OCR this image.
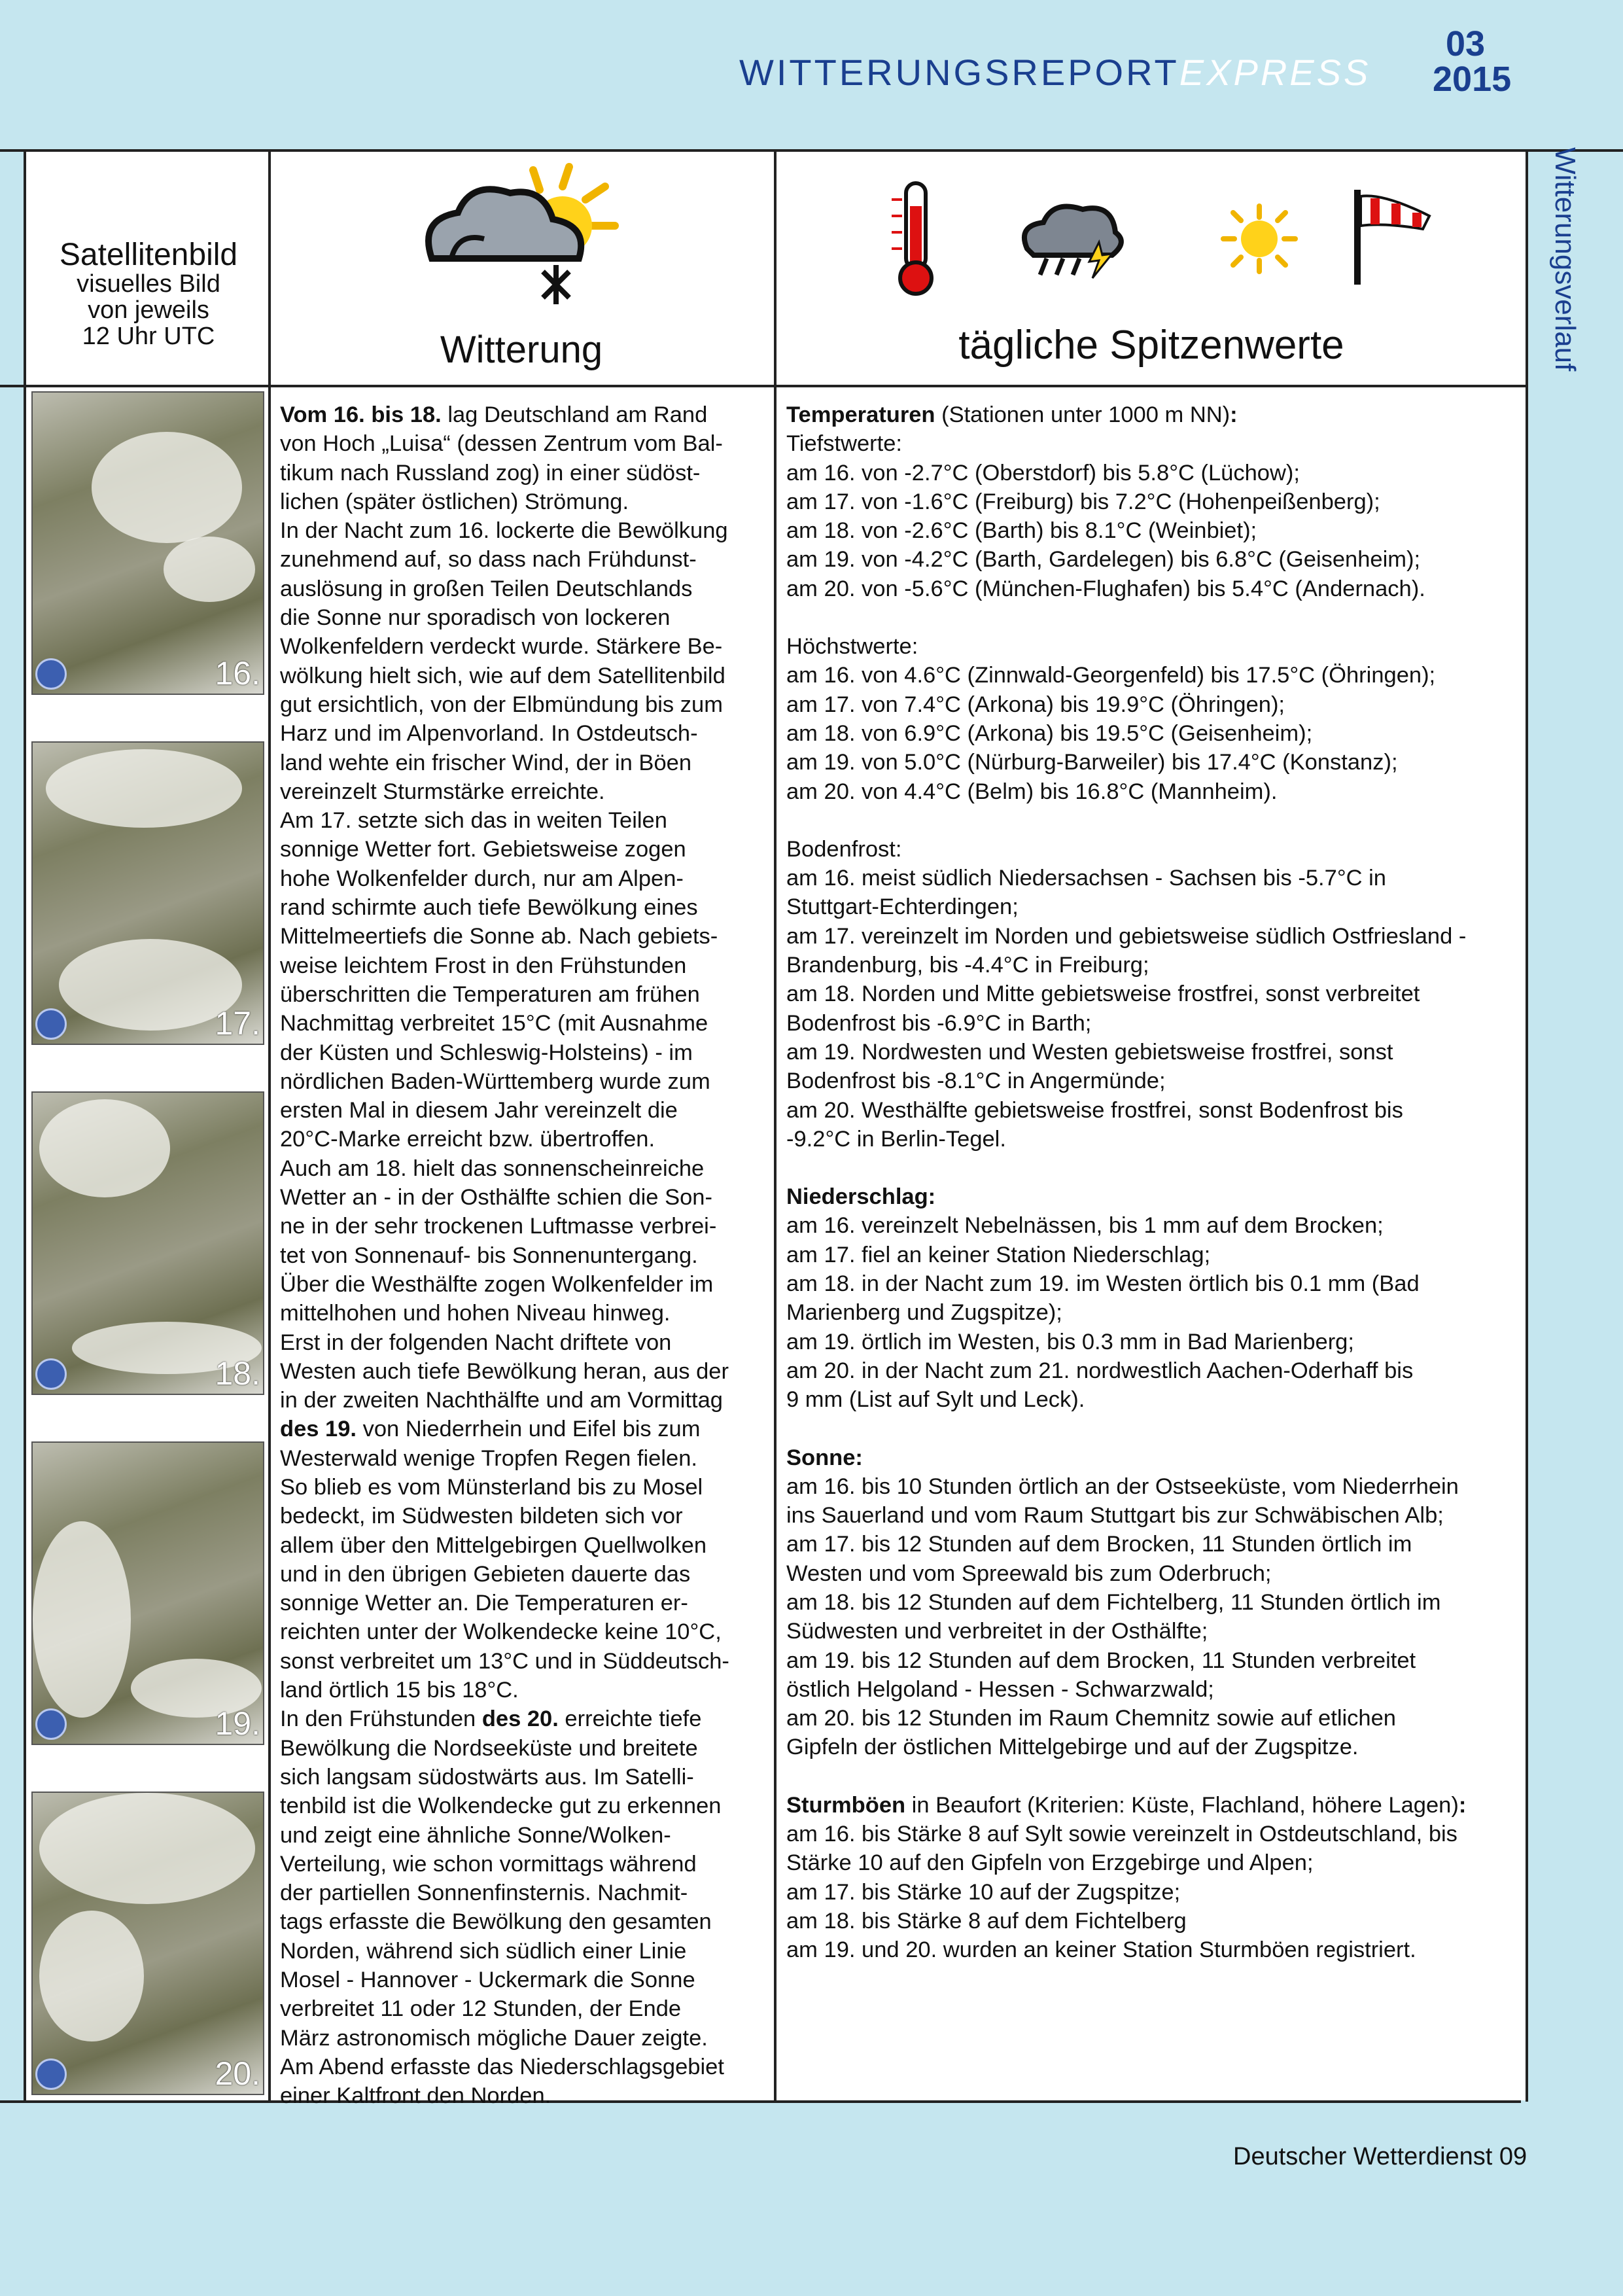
WITTERUNGSREPORTEXPRESS
03
2015
Satellitenbild
visuelles Bild
von jeweils
12 Uhr UTC	Witterung	tägliche Spitzenwerte	Witterungsverlauf
16.
17.
18.
19.
20.

Vom 16. bis 18. lag Deutschland am Rand

von Hoch „Luisa“ (dessen Zentrum vom Bal-

tikum nach Russland zog) in einer südöst-

lichen (später östlichen) Strömung.

In der Nacht zum 16. lockerte die Bewölkung

zunehmend auf, so dass nach Frühdunst-

auslösung in großen Teilen Deutschlands

die Sonne nur sporadisch von lockeren

Wolkenfeldern verdeckt wurde. Stärkere Be-

wölkung hielt sich, wie auf dem Satellitenbild

gut ersichtlich, von der Elbmündung bis zum

Harz und im Alpenvorland. In Ostdeutsch-

land wehte ein frischer Wind, der in Böen

vereinzelt Sturmstärke erreichte.

Am 17. setzte sich das in weiten Teilen

sonnige Wetter fort. Gebietsweise zogen

hohe Wolkenfelder durch, nur am Alpen-

rand schirmte auch tiefe Bewölkung eines

Mittelmeertiefs die Sonne ab. Nach gebiets-

weise leichtem Frost in den Frühstunden

überschritten die Temperaturen am frühen

Nachmittag verbreitet 15°C (mit Ausnahme

der Küsten und Schleswig-Holsteins) - im

nördlichen Baden-Württemberg wurde zum

ersten Mal in diesem Jahr vereinzelt die

20°C-Marke erreicht bzw. übertroffen.

Auch am 18. hielt das sonnenscheinreiche

Wetter an - in der Osthälfte schien die Son-

ne in der sehr trockenen Luftmasse verbrei-

tet von Sonnenauf- bis Sonnenuntergang.

Über die Westhälfte zogen Wolkenfelder im

mittelhohen und hohen Niveau hinweg.

Erst in der folgenden Nacht driftete von

Westen auch tiefe Bewölkung heran, aus der

in der zweiten Nachthälfte und am Vormittag

des 19. von Niederrhein und Eifel bis zum

Westerwald wenige Tropfen Regen fielen.

So blieb es vom Münsterland bis zu Mosel

bedeckt, im Südwesten bildeten sich vor

allem über den Mittelgebirgen Quellwolken

und in den übrigen Gebieten dauerte das

sonnige Wetter an. Die Temperaturen er-

reichten unter der Wolkendecke keine 10°C,

sonst verbreitet um 13°C und in Süddeutsch-

land örtlich 15 bis 18°C.

In den Frühstunden des 20. erreichte tiefe

Bewölkung die Nordseeküste und breitete

sich langsam südostwärts aus. Im Satelli-

tenbild ist die Wolkendecke gut zu erkennen

und zeigt eine ähnliche Sonne/Wolken-

Verteilung, wie schon vormittags während

der partiellen Sonnenfinsternis. Nachmit-

tags erfasste die Bewölkung den gesamten

Norden, während sich südlich einer Linie

Mosel - Hannover - Uckermark die Sonne

verbreitet 11 oder 12 Stunden, der Ende

März astronomisch mögliche Dauer zeigte.

Am Abend erfasste das Niederschlagsgebiet

einer Kaltfront den Norden.

Temperaturen (Stationen unter 1000 m NN):

Tiefstwerte:

am 16. von -2.7°C (Oberstdorf) bis 5.8°C (Lüchow);

am 17. von -1.6°C (Freiburg) bis 7.2°C (Hohenpeißenberg);

am 18. von -2.6°C (Barth) bis 8.1°C (Weinbiet);

am 19. von -4.2°C (Barth, Gardelegen) bis 6.8°C (Geisenheim);

am 20. von -5.6°C (München-Flughafen) bis 5.4°C (Andernach).

Höchstwerte:

am 16. von 4.6°C (Zinnwald-Georgenfeld) bis 17.5°C (Öhringen);

am 17. von 7.4°C (Arkona) bis 19.9°C (Öhringen);

am 18. von 6.9°C (Arkona) bis 19.5°C (Geisenheim);

am 19. von 5.0°C (Nürburg-Barweiler) bis 17.4°C (Konstanz);

am 20. von 4.4°C (Belm) bis 16.8°C (Mannheim).

Bodenfrost:

am 16. meist südlich Niedersachsen - Sachsen bis -5.7°C in

Stuttgart-Echterdingen;

am 17. vereinzelt im Norden und gebietsweise südlich Ostfriesland -

Brandenburg, bis -4.4°C in Freiburg;

am 18. Norden und Mitte gebietsweise frostfrei, sonst verbreitet

Bodenfrost bis -6.9°C in Barth;

am 19. Nordwesten und Westen gebietsweise frostfrei, sonst

Bodenfrost bis -8.1°C in Angermünde;

am 20. Westhälfte gebietsweise frostfrei, sonst Bodenfrost bis

-9.2°C in Berlin-Tegel.

Niederschlag:

am 16. vereinzelt Nebelnässen, bis 1 mm auf dem Brocken;

am 17. fiel an keiner Station Niederschlag;

am 18. in der Nacht zum 19. im Westen örtlich bis 0.1 mm (Bad

Marienberg und Zugspitze);

am 19. örtlich im Westen, bis 0.3 mm in Bad Marienberg;

am 20. in der Nacht zum 21. nordwestlich Aachen-Oderhaff bis

9 mm (List auf Sylt und Leck).

Sonne:

am 16. bis 10 Stunden örtlich an der Ostseeküste, vom Niederrhein

ins Sauerland und vom Raum Stuttgart bis zur Schwäbischen Alb;

am 17. bis 12 Stunden auf dem Brocken, 11 Stunden örtlich im

Westen und vom Spreewald bis zum Oderbruch;

am 18. bis 12 Stunden auf dem Fichtelberg, 11 Stunden örtlich im

Südwesten und verbreitet in der Osthälfte;

am 19. bis 12 Stunden auf dem Brocken, 11 Stunden verbreitet

östlich Helgoland - Hessen - Schwarzwald;

am 20. bis 12 Stunden im Raum Chemnitz sowie auf etlichen

Gipfeln der östlichen Mittelgebirge und auf der Zugspitze.

Sturmböen in Beaufort (Kriterien: Küste, Flachland, höhere Lagen):

am 16. bis Stärke 8 auf Sylt sowie vereinzelt in Ostdeutschland, bis

Stärke 10 auf den Gipfeln von Erzgebirge und Alpen;

am 17. bis Stärke 10 auf der Zugspitze;

am 18. bis Stärke 8 auf dem Fichtelberg

am 19. und 20. wurden an keiner Station Sturmböen registriert.

Deutscher Wetterdienst 09
